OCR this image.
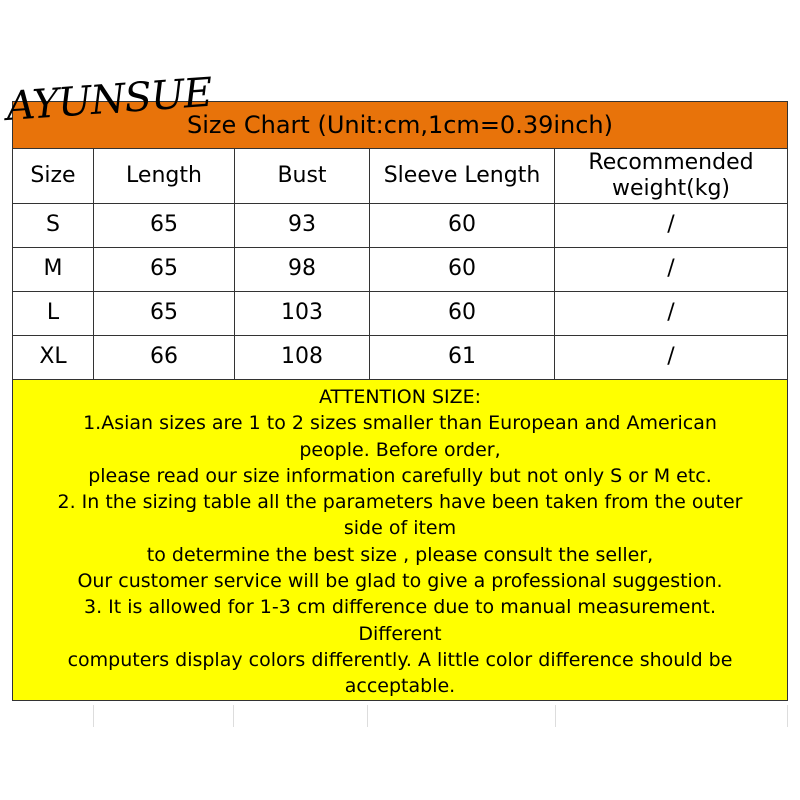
AYUNSUE
Size Chart (Unit:cm,1cm=0.39inch)				
Size	Length	Bust	Sleeve Length	Recommended
weight(kg)
S	65	93	60	/
M	65	98	60	/
L	65	103	60	/
XL	66	108	61	/
ATTENTION SIZE:
1.Asian sizes are 1 to 2 sizes smaller than European and American
people. Before order,
please read our size information carefully but not only S or M etc.
2. In the sizing table all the parameters have been taken from the outer
side of item
to determine the best size , please consult the seller,
Our customer service will be glad to give a professional suggestion.
3. It is allowed for 1-3 cm difference due to manual measurement.
Different
computers display colors differently. A little color difference should be
acceptable.
